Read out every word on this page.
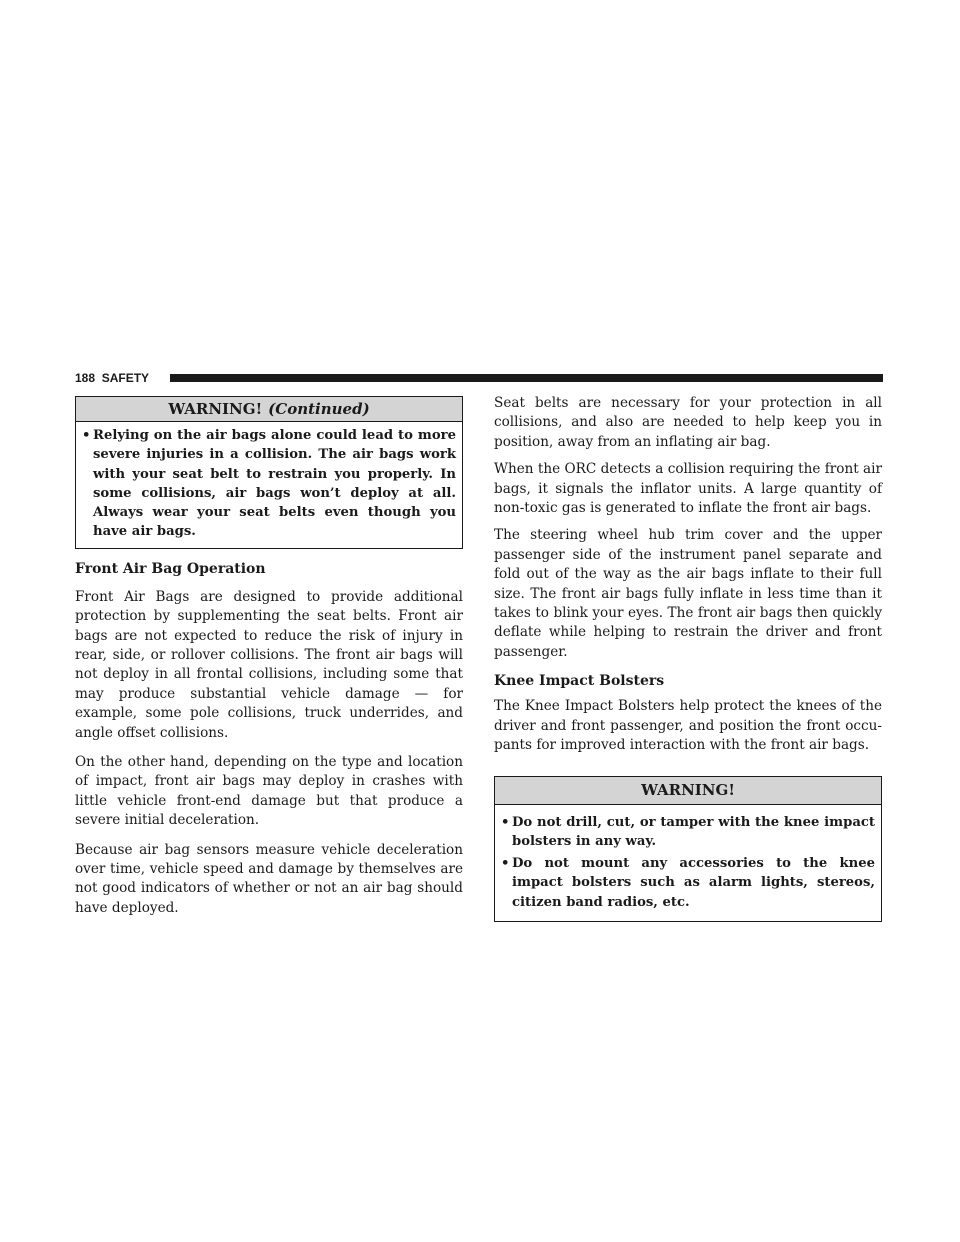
188 SAFETY
WARNING! (Continued)
• Relying on the air bags alone could lead to more severe injuries in a collision. The air bags work with your seat belt to restrain you properly. In some collisions, air bags won’t deploy at all. Always wear your seat belts even though you have air bags.

Front Air Bag Operation

Front Air Bags are designed to provide additional protection by supplementing the seat belts. Front air bags are not expected to reduce the risk of injury in rear, side, or rollover collisions. The front air bags will not deploy in all frontal collisions, including some that may produce substantial vehicle damage — for example, some pole collisions, truck underrides, and angle offset collisions.

On the other hand, depending on the type and location of impact, front air bags may deploy in crashes with little vehicle front-end damage but that produce a severe initial deceleration.

Because air bag sensors measure vehicle deceleration over time, vehicle speed and damage by themselves are not good indicators of whether or not an air bag should have deployed.

Seat belts are necessary for your protection in all collisions, and also are needed to help keep you in position, away from an inflating air bag.

When the ORC detects a collision requiring the front air bags, it signals the inflator units. A large quantity of non-toxic gas is generated to inflate the front air bags.

The steering wheel hub trim cover and the upper passenger side of the instrument panel separate and fold out of the way as the air bags inflate to their full size. The front air bags fully inflate in less time than it takes to blink your eyes. The front air bags then quickly deflate while helping to restrain the driver and front passenger.

Knee Impact Bolsters

The Knee Impact Bolsters help protect the knees of the driver and front passenger, and position the front occupants for improved interaction with the front air bags.

WARNING!
• Do not drill, cut, or tamper with the knee impact bolsters in any way.
• Do not mount any accessories to the knee impact bolsters such as alarm lights, stereos, citizen band radios, etc.
